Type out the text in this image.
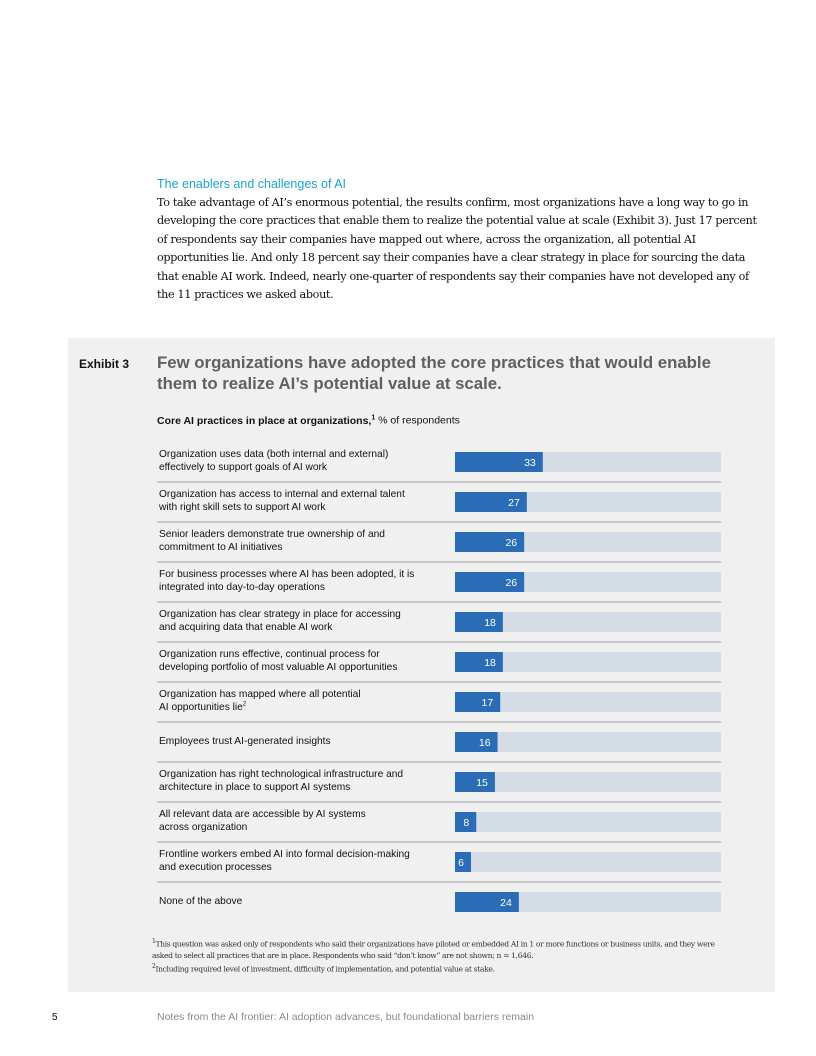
The enablers and challenges of AI
To take advantage of AI’s enormous potential, the results confirm, most organizations have a long way to go in developing the core practices that enable them to realize the potential value at scale (Exhibit 3). Just 17 percent of respondents say their companies have mapped out where, across the organization, all potential AI opportunities lie. And only 18 percent say their companies have a clear strategy in place for sourcing the data that enable AI work. Indeed, nearly one-quarter of respondents say their companies have not developed any of the 11 practices we asked about.
Exhibit 3 Few organizations have adopted the core practices that would enable them to realize AI’s potential value at scale.
Core AI practices in place at organizations,$^1$ % of respondents
33
27
26
26
18
18
17
16
15
8
6
24
Organization uses data (both internal and external)
effectively to support goals of AI work
Organization has access to internal and external talent
with right skill sets to support AI work
Senior leaders demonstrate true ownership of and
commitment to AI initiatives
For business processes where AI has been adopted, it is
integrated into day-to-day operations
Organization has clear strategy in place for accessing
and acquiring data that enable AI work
Organization runs effective, continual process for
developing portfolio of most valuable AI opportunities
Organization has mapped where all potential
AI opportunities lie$^2$
Employees trust AI-generated insights
Organization has right technological infrastructure and
architecture in place to support AI systems
All relevant data are accessible by AI systems
across organization
Frontline workers embed AI into formal decision-making
and execution processes
None of the above
$^1$This question was asked only of respondents who said their organizations have piloted or embedded AI in 1 or more functions or business units, and they were asked to select all practices that are in place. Respondents who said “don’t know” are not shown; n = 1,646.
$^2$Including required level of investment, difficulty of implementation, and potential value at stake.
5	Notes from the AI frontier: AI adoption advances, but foundational barriers remain
